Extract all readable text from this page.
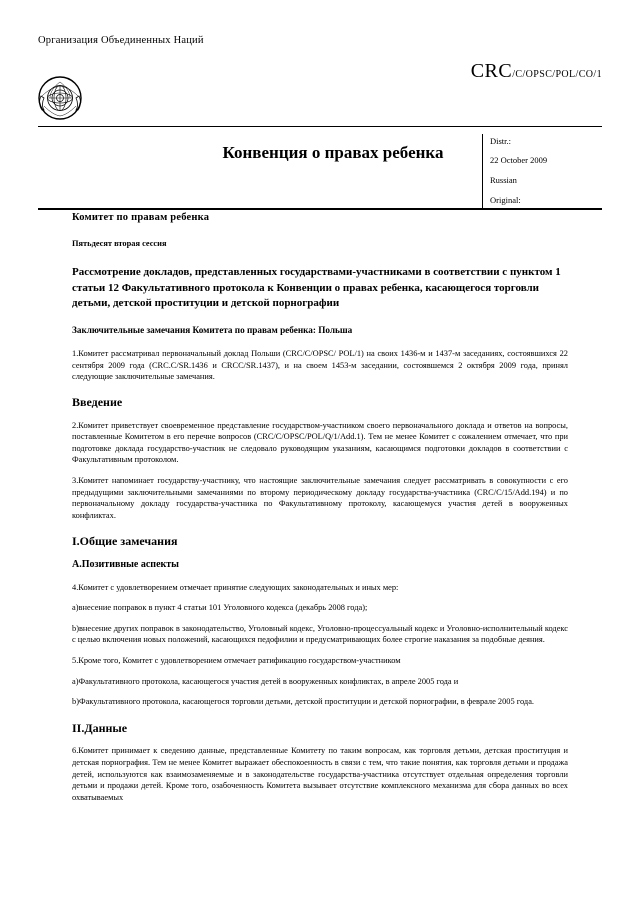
Организация Объединенных Наций
CRC/C/OPSC/POL/CO/1
Конвенция о правах ребенка
Distr.:
22 October 2009
Russian
Original:
Комитет по правам ребенка
Пятьдесят вторая сессия
Рассмотрение докладов, представленных государствами-участниками в соответствии с пунктом 1 статьи 12 Факультативного протокола к Конвенции о правах ребенка, касающегося торговли детьми, детской проституции и детской порнографии
Заключительные замечания Комитета по правам ребенка: Польша

1.Комитет рассматривал первоначальный доклад Польши (CRC/C/OPSC/ POL/1) на своих 1436-м и 1437-м заседаниях, состоявшихся 22 сентября 2009 года (CRC.C/SR.1436 и CRCC/SR.1437), и на своем 1453-м заседании, состоявшемся 2 октября 2009 года, принял следующие заключительные замечания.

Введение

2.Комитет приветствует своевременное представление государством-участником своего первоначального доклада и ответов на вопросы, поставленные Комитетом в его перечне вопросов (CRC/C/OPSC/POL/Q/1/Add.1). Тем не менее Комитет с сожалением отмечает, что при подготовке доклада государство-участник не следовало руководящим указаниям, касающимся подготовки докладов в соответствии с Факультативным протоколом.

3.Комитет напоминает государству-участнику, что настоящие заключительные замечания следует рассматривать в совокупности с его предыдущими заключительными замечаниями по второму периодическому докладу государства-участника (CRC/C/15/Add.194) и по первоначальному докладу государства-участника по Факультативному протоколу, касающемуся участия детей в вооруженных конфликтах.

I.Общие замечания
A.Позитивные аспекты

4.Комитет с удовлетворением отмечает принятие следующих законодательных и иных мер:

a)внесение поправок в пункт 4 статьи 101 Уголовного кодекса (декабрь 2008 года);

b)внесение других поправок в законодательство, Уголовный кодекс, Уголовно-процессуальный кодекс и Уголовно-исполнительный кодекс с целью включения новых положений, касающихся педофилии и предусматривающих более строгие наказания за подобные деяния.

5.Кроме того, Комитет с удовлетворением отмечает ратификацию государством-участником

a)Факультативного протокола, касающегося участия детей в вооруженных конфликтах, в апреле 2005 года и

b)Факультативного протокола, касающегося торговли детьми, детской проституции и детской порнографии, в феврале 2005 года.

II.Данные

6.Комитет принимает к сведению данные, представленные Комитету по таким вопросам, как торговля детьми, детская проституция и детская порнография. Тем не менее Комитет выражает обеспокоенность в связи с тем, что такие понятия, как торговля детьми и продажа детей, используются как взаимозаменяемые и в законодательстве государства-участника отсутствует отдельная определения торговли детьми и продажи детей. Кроме того, озабоченность Комитета вызывает отсутствие комплексного механизма для сбора данных во всех охватываемых
